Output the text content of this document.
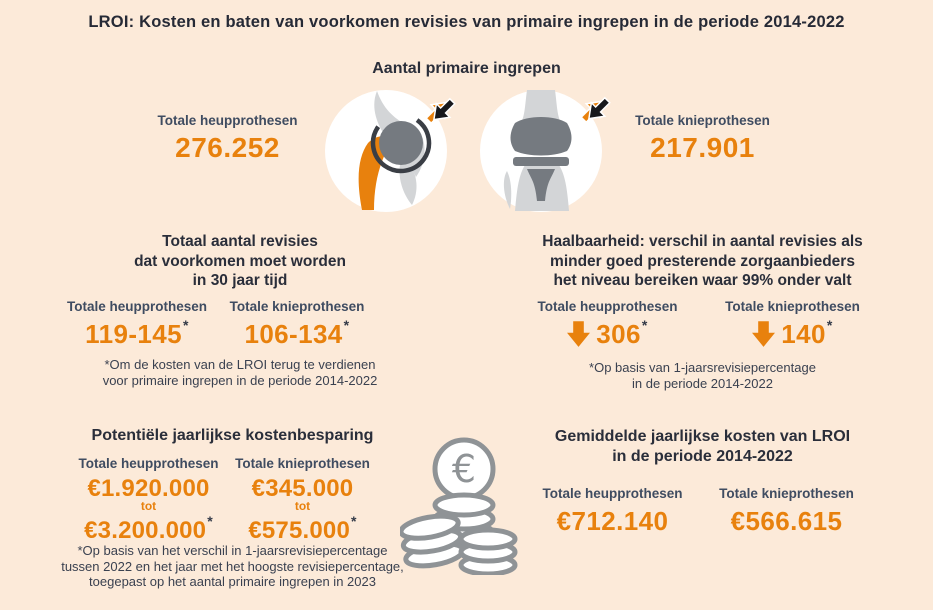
LROI: Kosten en baten van voorkomen revisies van primaire ingrepen in de periode 2014-2022
Aantal primaire ingrepen
Totale heupprothesen
276.252
Totale knieprothesen
217.901
Totaal aantal revisies
dat voorkomen moet worden
in 30 jaar tijd
Totale heupprothesen
119-145*
Totale knieprothesen
106-134*
*Om de kosten van de LROI terug te verdienen
voor primaire ingrepen in de periode 2014-2022
Haalbaarheid: verschil in aantal revisies als
minder goed presterende zorgaanbieders
het niveau bereiken waar 99% onder valt
Totale heupprothesen
306*
Totale knieprothesen
140*
*Op basis van 1-jaarsrevisiepercentage
in de periode 2014-2022
Potentiële jaarlijkse kostenbesparing
Totale heupprothesen
€1.920.000
tot
€3.200.000*
Totale knieprothesen
€345.000
tot
€575.000*
*Op basis van het verschil in 1-jaarsrevisiepercentage
tussen 2022 en het jaar met het hoogste revisiepercentage,
toegepast op het aantal primaire ingrepen in 2023
€
Gemiddelde jaarlijkse kosten van LROI
in de periode 2014-2022
Totale heupprothesen
€712.140
Totale knieprothesen
€566.615
